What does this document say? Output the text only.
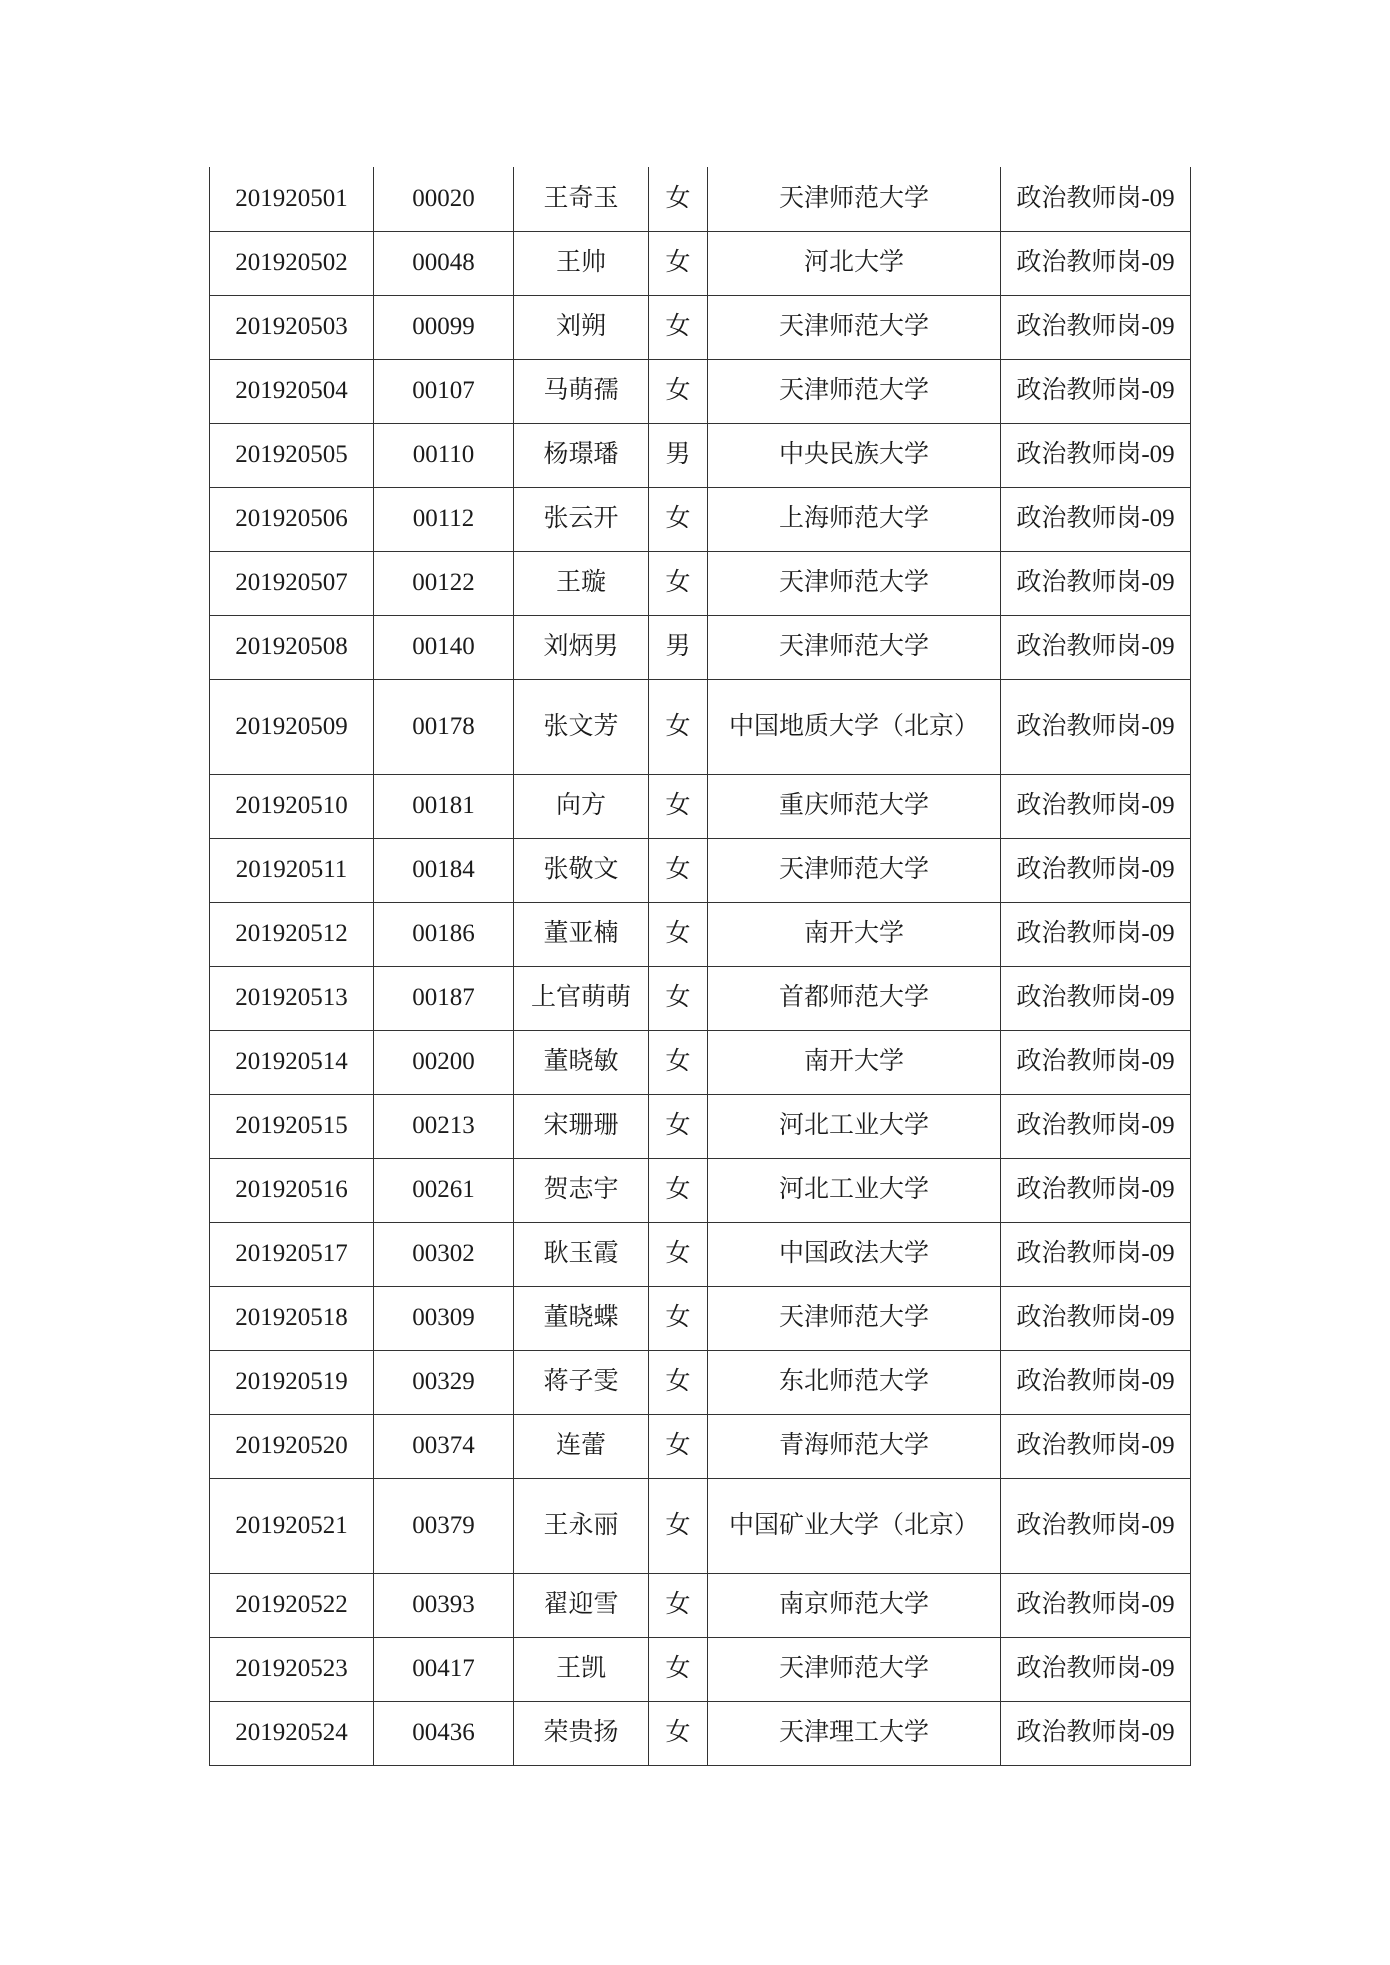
201920501	00020	王奇玉	女	天津师范大学	政治教师岗-09
201920502	00048	王帅	女	河北大学	政治教师岗-09
201920503	00099	刘朔	女	天津师范大学	政治教师岗-09
201920504	00107	马萌孺	女	天津师范大学	政治教师岗-09
201920505	00110	杨璟璠	男	中央民族大学	政治教师岗-09
201920506	00112	张云开	女	上海师范大学	政治教师岗-09
201920507	00122	王璇	女	天津师范大学	政治教师岗-09
201920508	00140	刘炳男	男	天津师范大学	政治教师岗-09
201920509	00178	张文芳	女	中国地质大学（北京）	政治教师岗-09
201920510	00181	向方	女	重庆师范大学	政治教师岗-09
201920511	00184	张敬文	女	天津师范大学	政治教师岗-09
201920512	00186	董亚楠	女	南开大学	政治教师岗-09
201920513	00187	上官萌萌	女	首都师范大学	政治教师岗-09
201920514	00200	董晓敏	女	南开大学	政治教师岗-09
201920515	00213	宋珊珊	女	河北工业大学	政治教师岗-09
201920516	00261	贺志宇	女	河北工业大学	政治教师岗-09
201920517	00302	耿玉霞	女	中国政法大学	政治教师岗-09
201920518	00309	董晓蝶	女	天津师范大学	政治教师岗-09
201920519	00329	蒋子雯	女	东北师范大学	政治教师岗-09
201920520	00374	连蕾	女	青海师范大学	政治教师岗-09
201920521	00379	王永丽	女	中国矿业大学（北京）	政治教师岗-09
201920522	00393	翟迎雪	女	南京师范大学	政治教师岗-09
201920523	00417	王凯	女	天津师范大学	政治教师岗-09
201920524	00436	荣贵扬	女	天津理工大学	政治教师岗-09
